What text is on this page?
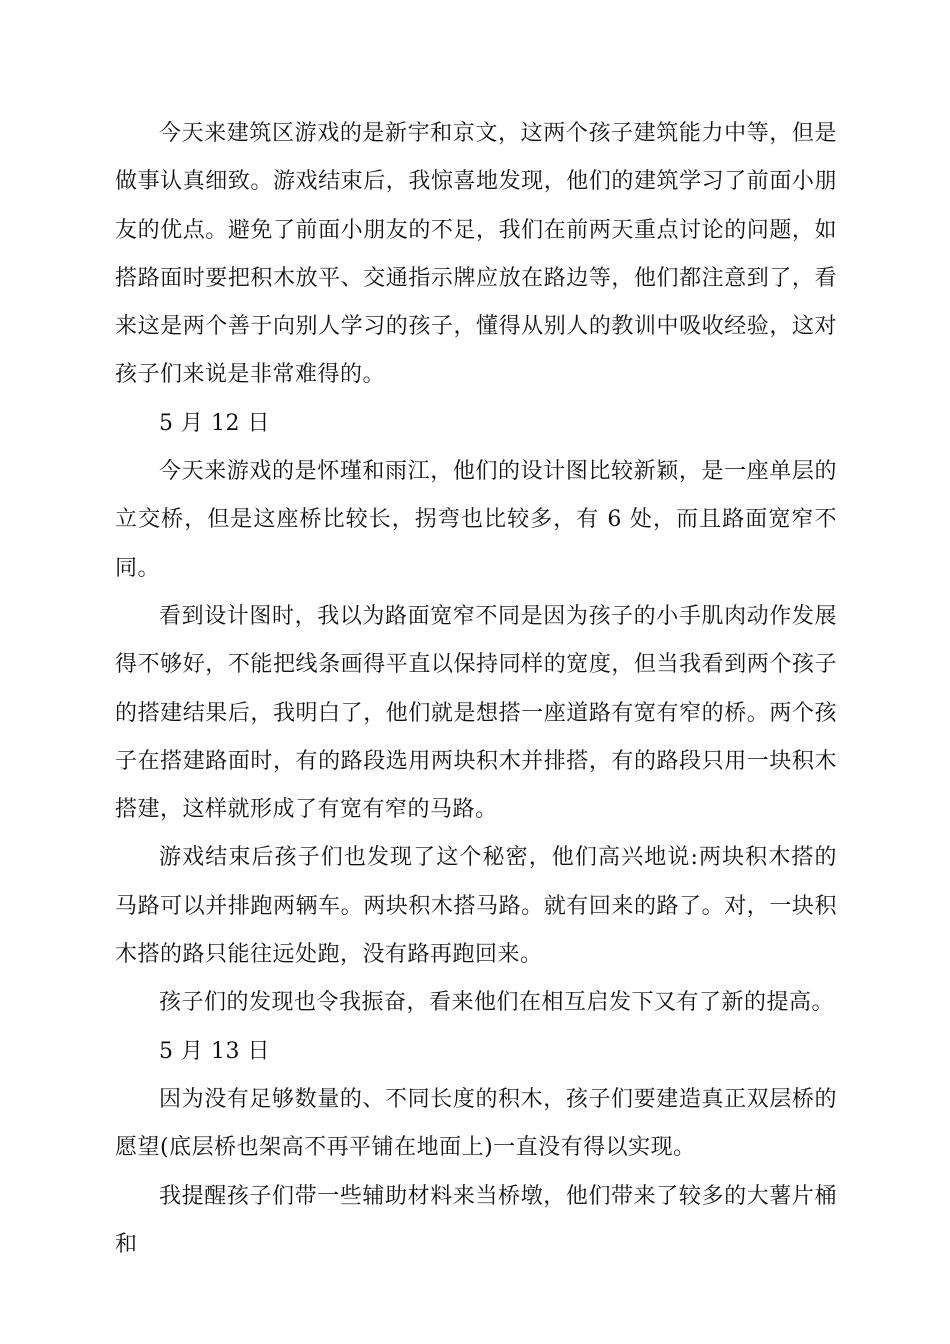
今天来建筑区游戏的是新宇和京文，这两个孩子建筑能力中等，但是做事认真细致。游戏结束后，我惊喜地发现，他们的建筑学习了前面小朋友的优点。避免了前面小朋友的不足，我们在前两天重点讨论的问题，如搭路面时要把积木放平、交通指示牌应放在路边等，他们都注意到了，看来这是两个善于向别人学习的孩子，懂得从别人的教训中吸收经验，这对孩子们来说是非常难得的。

5 月 12 日

今天来游戏的是怀瑾和雨江，他们的设计图比较新颖，是一座单层的立交桥，但是这座桥比较长，拐弯也比较多，有 6 处，而且路面宽窄不同。

看到设计图时，我以为路面宽窄不同是因为孩子的小手肌肉动作发展得不够好，不能把线条画得平直以保持同样的宽度，但当我看到两个孩子的搭建结果后，我明白了，他们就是想搭一座道路有宽有窄的桥。两个孩子在搭建路面时，有的路段选用两块积木并排搭，有的路段只用一块积木搭建，这样就形成了有宽有窄的马路。

游戏结束后孩子们也发现了这个秘密，他们高兴地说:两块积木搭的马路可以并排跑两辆车。两块积木搭马路。就有回来的路了。对，一块积木搭的路只能往远处跑，没有路再跑回来。

孩子们的发现也令我振奋，看来他们在相互启发下又有了新的提高。

5 月 13 日

因为没有足够数量的、不同长度的积木，孩子们要建造真正双层桥的愿望(底层桥也架高不再平铺在地面上)一直没有得以实现。

我提醒孩子们带一些辅助材料来当桥墩，他们带来了较多的大薯片桶和
